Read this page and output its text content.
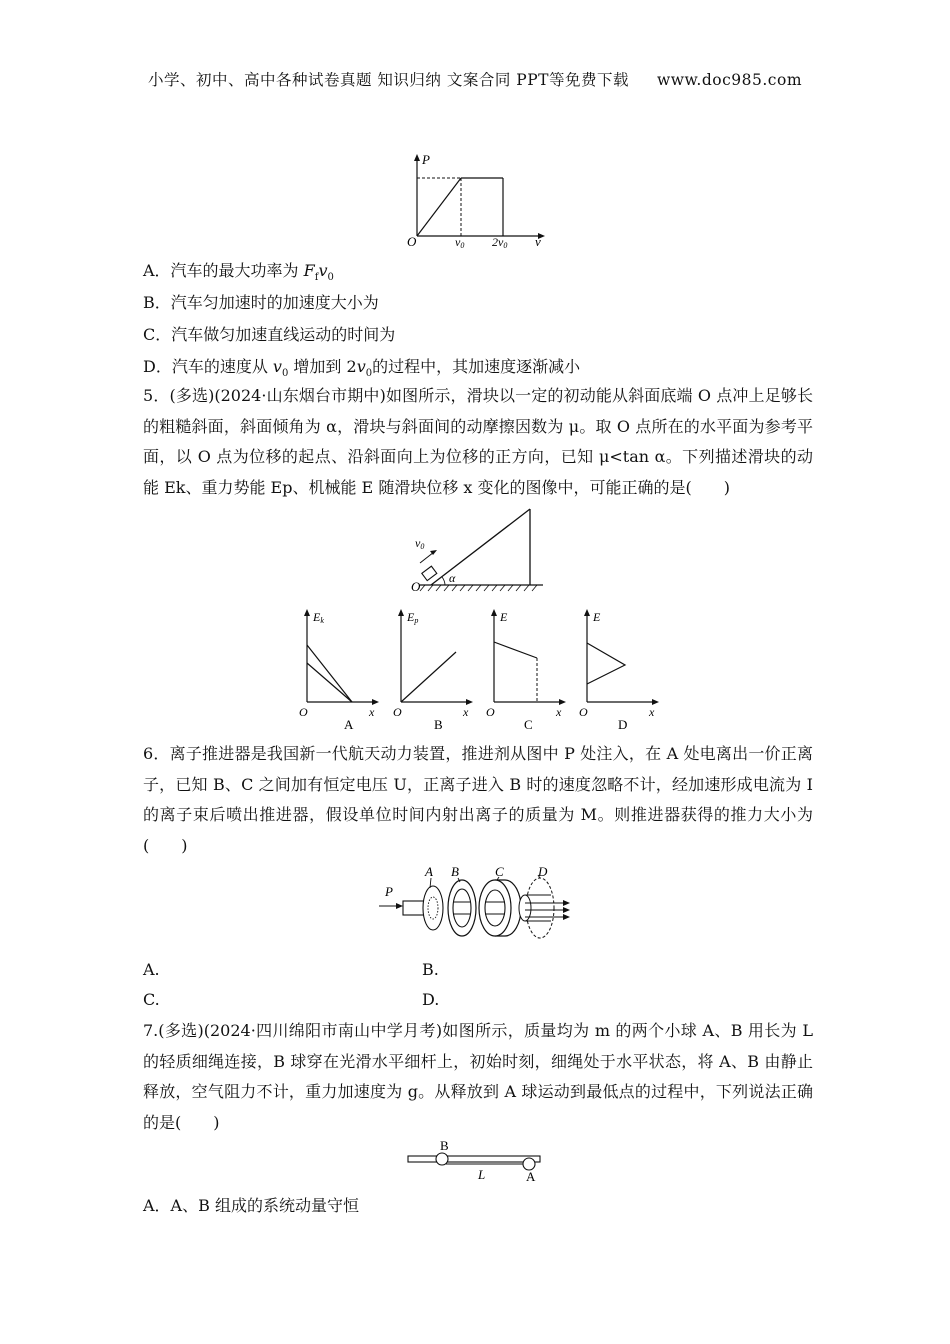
小学、初中、高中各种试卷真题 知识归纳 文案合同 PPT等免费下载 www.doc985.com
P
v
O	v0 2v0
A．汽车的最大功率为 $F_fv_0$
B．汽车匀加速时的加速度大小为
C．汽车做匀加速直线运动的时间为
D．汽车的速度从 $v_0$ 增加到 $2v_0$的过程中，其加速度逐渐减小
5．(多选)(2024·山东烟台市期中)如图所示，滑块以一定的初动能从斜面底端 O 点冲上足够长的粗糙斜面，斜面倾角为 α，滑块与斜面间的动摩擦因数为 μ。取 O 点所在的水平面为参考平面，以 O 点为位移的起点、沿斜面向上为位移的正方向，已知 μ<tan α。下列描述滑块的动能 Ek、重力势能 Ep、机械能 E 随滑块位移 x 变化的图像中，可能正确的是(　　)
v0
O
α
Ek
O	x
A
Ep
O	x
B
E
O	x
C
E
O	x
D
6．离子推进器是我国新一代航天动力装置，推进剂从图中 P 处注入，在 A 处电离出一价正离子，已知 B、C 之间加有恒定电压 U，正离子进入 B 时的速度忽略不计，经加速形成电流为 I 的离子束后喷出推进器，假设单位时间内射出离子的质量为 M。则推进器获得的推力大小为(　　)
P
A B	C	D
A.	B.
C.	D.
7.(多选)(2024·四川绵阳市南山中学月考)如图所示，质量均为 m 的两个小球 A、B 用长为 L 的轻质细绳连接，B 球穿在光滑水平细杆上，初始时刻，细绳处于水平状态，将 A、B 由静止释放，空气阻力不计，重力加速度为 g。从释放到 A 球运动到最低点的过程中，下列说法正确的是(　　)
B
L	A
A．A、B 组成的系统动量守恒
